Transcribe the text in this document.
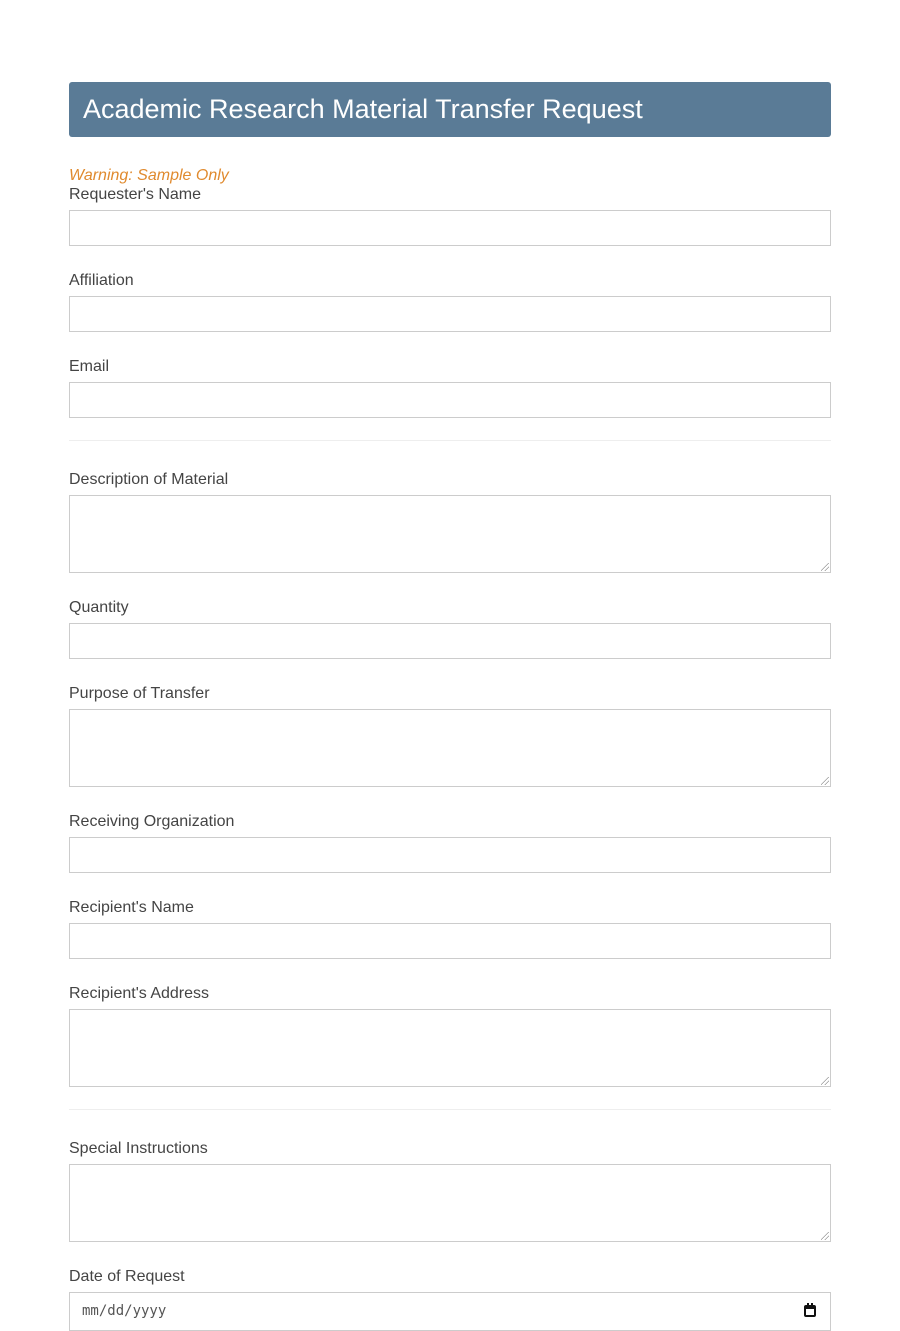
Academic Research Material Transfer Request
Warning: Sample Only
Requester's Name
Affiliation
Email
Description of Material
Quantity
Purpose of Transfer
Receiving Organization
Recipient's Name
Recipient's Address
Special Instructions
Date of Request
mm/dd/yyyy
